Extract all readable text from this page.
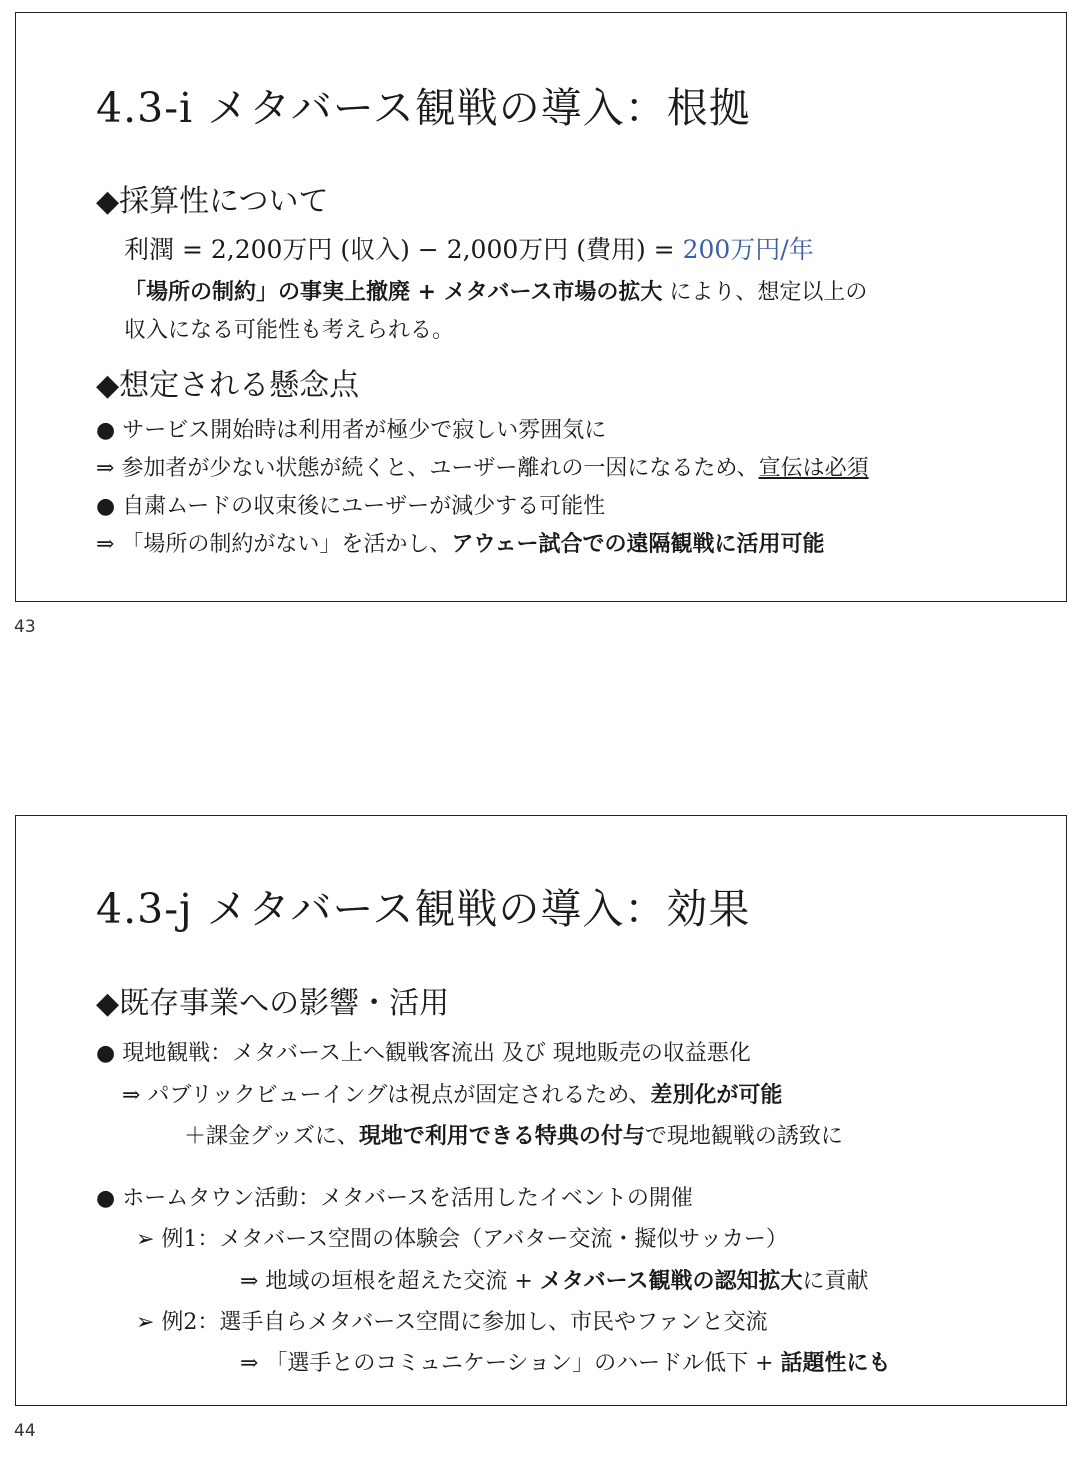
4.3-i メタバース観戦の導入：根拠
◆採算性について
利潤 = 2,200万円 (収入) − 2,000万円 (費用) = 200万円/年
「場所の制約」の事実上撤廃 + メタバース市場の拡大 により、想定以上の
収入になる可能性も考えられる。
◆想定される懸念点
● サービス開始時は利用者が極少で寂しい雰囲気に
⇒ 参加者が少ない状態が続くと、ユーザー離れの一因になるため、宣伝は必須
● 自粛ムードの収束後にユーザーが減少する可能性
⇒ 「場所の制約がない」を活かし、アウェー試合での遠隔観戦に活用可能
43
4.3-j メタバース観戦の導入：効果
◆既存事業への影響・活用
● 現地観戦：メタバース上へ観戦客流出 及び 現地販売の収益悪化
⇒ パブリックビューイングは視点が固定されるため、差別化が可能
＋課金グッズに、現地で利用できる特典の付与で現地観戦の誘致に
● ホームタウン活動：メタバースを活用したイベントの開催
➢ 例1：メタバース空間の体験会（アバター交流・擬似サッカー）
⇒ 地域の垣根を超えた交流 + メタバース観戦の認知拡大に貢献
➢ 例2：選手自らメタバース空間に参加し、市民やファンと交流
⇒ 「選手とのコミュニケーション」のハードル低下 + 話題性にも
44
